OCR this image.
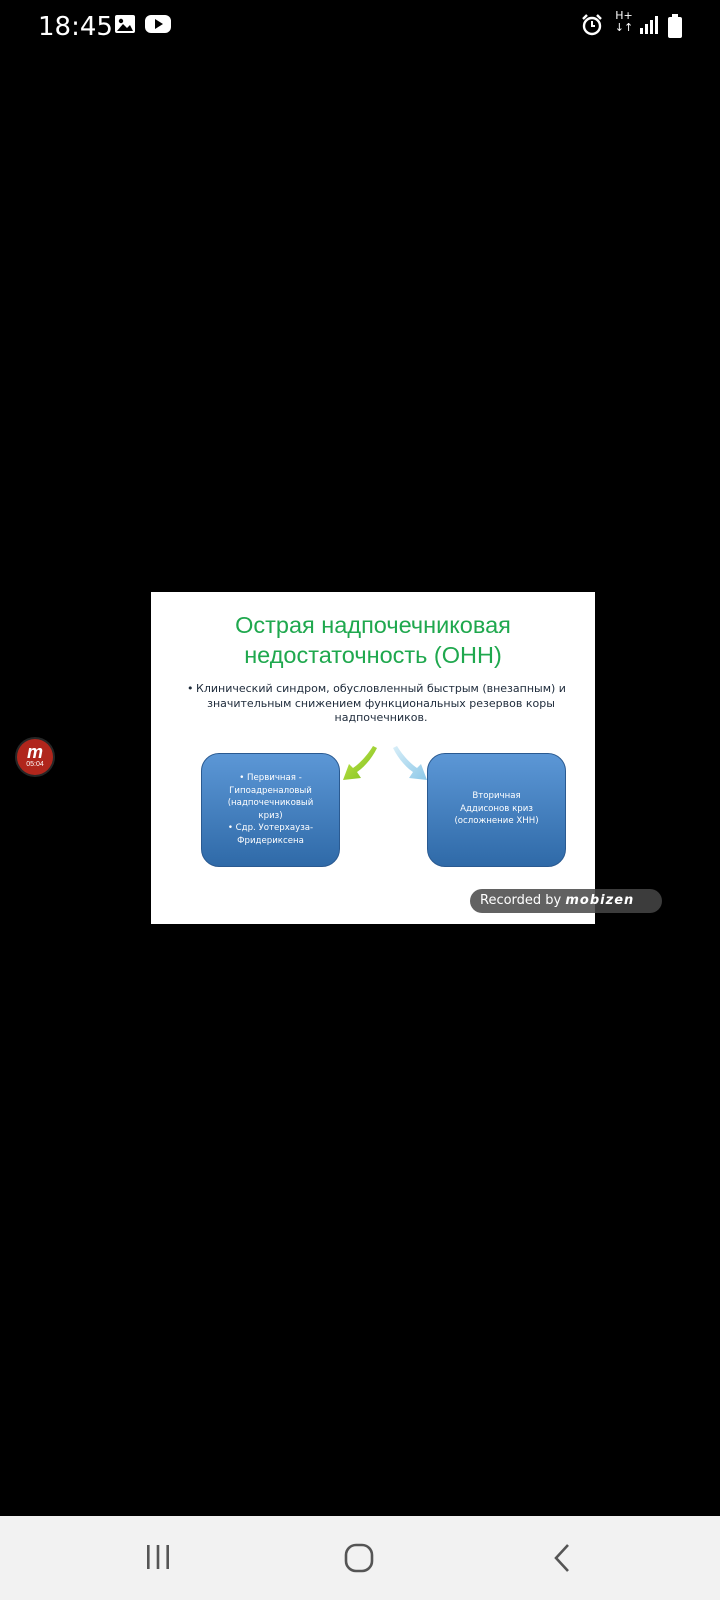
18:45	H+
↓↑
Острая надпочечниковая
недостаточность (ОНН)
• Клинический синдром, обусловленный быстрым (внезапным) и
значительным снижением функциональных резервов коры
надпочечников.

• Первичная -

Гипоадреналовый

(надпочечниковый

криз)

• Сдр. Уотерхауза-

Фридериксена

Вторичная

Аддисонов криз

(осложнение ХНН)

Recorded by mobizen
m
05:04
